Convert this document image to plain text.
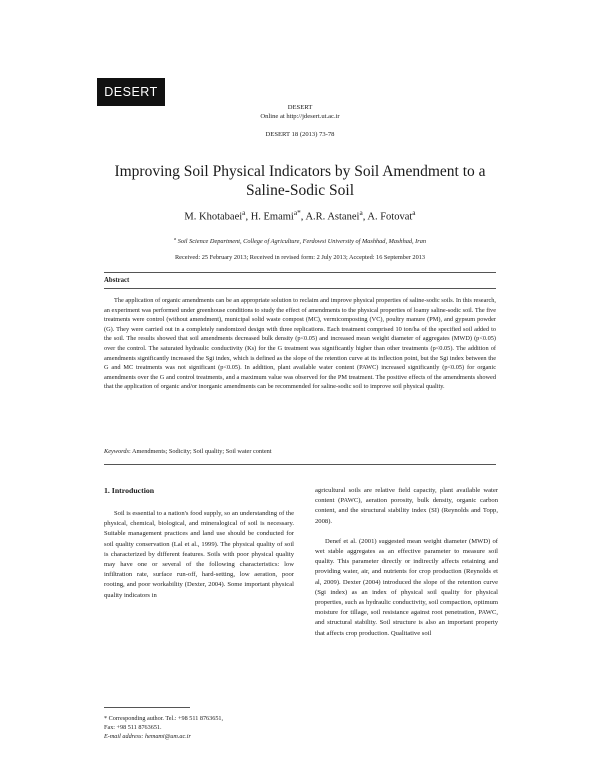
DESERT
DESERT
Online at http://jdesert.ut.ac.ir
DESERT 18 (2013) 73-78
Improving Soil Physical Indicators by Soil Amendment to a
Saline-Sodic Soil
M. Khotabaei$^a$, H. Emami$^{a*}$, A.R. Astanei$^a$, A. Fotovat$^a$
$^a$ Soil Science Department, College of Agriculture, Ferdowsi University of Mashhad, Mashhad, Iran
Received: 25 February 2013; Received in revised form: 2 July 2013; Accepted: 16 September 2013
Abstract
The application of organic amendments can be an appropriate solution to reclaim and improve physical properties of saline-sodic soils. In this research, an experiment was performed under greenhouse conditions to study the effect of amendments to the physical properties of loamy saline-sodic soil. The five treatments were control (without amendment), municipal solid waste compost (MC), vermicomposting (VC), poultry manure (PM), and gypsum powder (G). They were carried out in a completely randomized design with three replications. Each treatment comprised 10 ton/ha of the specified soil added to the soil. The results showed that soil amendments decreased bulk density (p<0.05) and increased mean weight diameter of aggregates (MWD) (p<0.05) over the control. The saturated hydraulic conductivity (Ks) for the G treatment was significantly higher than other treatments (p<0.05). The addition of amendments significantly increased the Sgi index, which is defined as the slope of the retention curve at its inflection point, but the Sgi index between the G and MC treatments was not significant (p<0.05). In addition, plant available water content (PAWC) increased significantly (p<0.05) for organic amendments over the G and control treatments, and a maximum value was observed for the PM treatment. The positive effects of the amendments showed that the application of organic and/or inorganic amendments can be recommended for saline-sodic soil to improve soil physical quality.
Keywords: Amendments; Sodicity; Soil quality; Soil water content
1. Introduction

Soil is essential to a nation's food supply, so an understanding of the physical, chemical, biological, and mineralogical of soil is necessary. Suitable management practices and land use should be conducted for soil quality conservation (Lal et al., 1999). The physical quality of soil is characterized by different features. Soils with poor physical quality may have one or several of the following characteristics: low infiltration rate, surface run-off, hard-setting, low aeration, poor rooting, and poor workability (Dexter, 2004). Some important physical quality indicators in

agricultural soils are relative field capacity, plant available water content (PAWC), aeration porosity, bulk density, organic carbon content, and the structural stability index (SI) (Reynolds and Topp, 2008).

Denef et al. (2001) suggested mean weight diameter (MWD) of wet stable aggregates as an effective parameter to measure soil quality. This parameter directly or indirectly affects retaining and providing water, air, and nutrients for crop production (Reynolds et al, 2009). Dexter (2004) introduced the slope of the retention curve (Sgi index) as an index of physical soil quality for physical properties, such as hydraulic conductivity, soil compaction, optimum moisture for tillage, soil resistance against root penetration, PAWC, and structural stability. Soil structure is also an important property that affects crop production. Qualitative soil

* Corresponding author. Tel.: +98 511 8763651,

Fax: +98 511 8763651.

E-mail address: hemami@um.ac.ir
